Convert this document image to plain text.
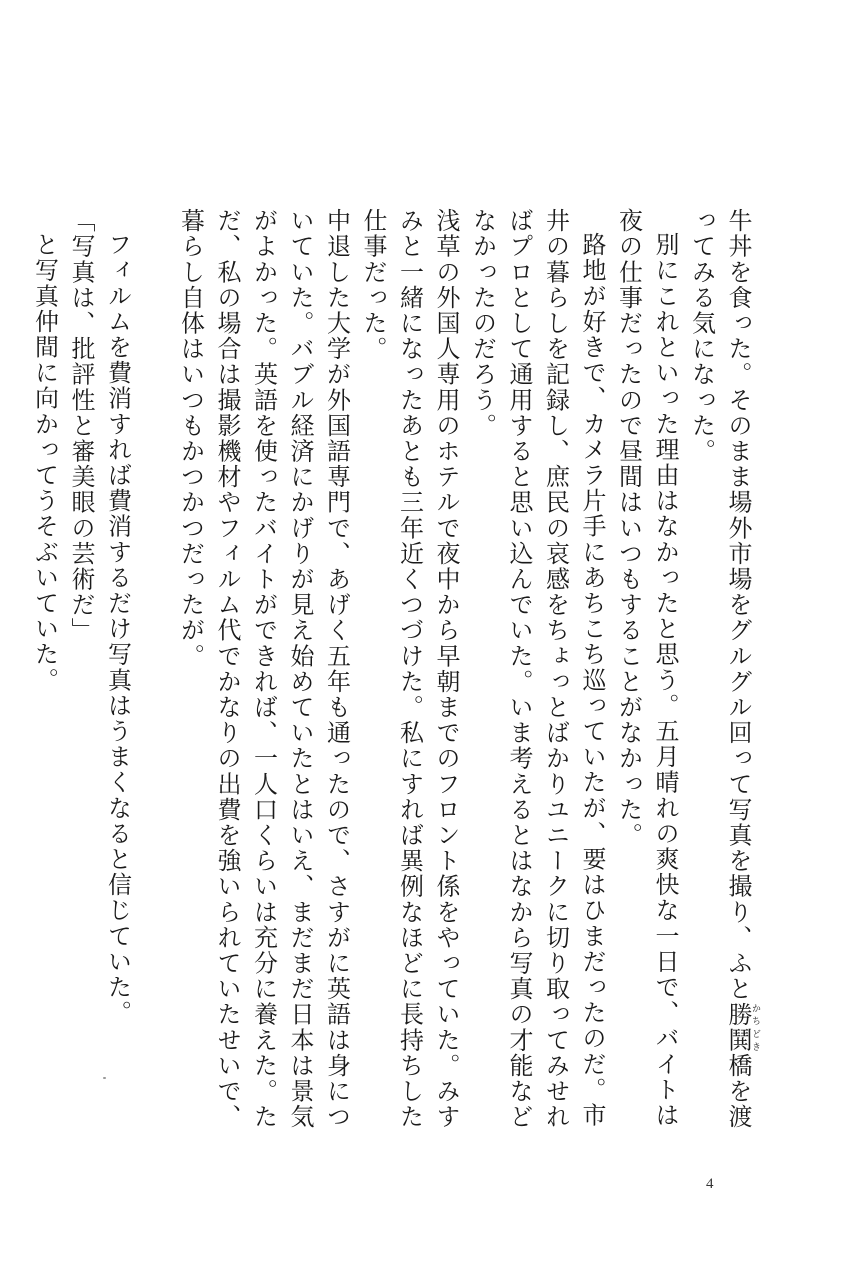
牛丼を食った。そのまま場外市場をグルグル回って写真を撮り、ふと勝鬨かちどき橋を渡ってみる気になった。

別にこれといった理由はなかったと思う。五月晴れの爽快な一日で、バイトは夜の仕事だったので昼間はいつもすることがなかった。

路地が好きで、カメラ片手にあちこち巡っていたが、要はひまだったのだ。市井の暮らしを記録し、庶民の哀感をちょっとばかりユニークに切り取ってみせればプロとして通用すると思い込んでいた。いま考えるとはなから写真の才能などなかったのだろう。

浅草の外国人専用のホテルで夜中から早朝までのフロント係をやっていた。みすみと一緒になったあとも三年近くつづけた。私にすれば異例なほどに長持ちした仕事だった。

中退した大学が外国語専門で、あげく五年も通ったので、さすがに英語は身についていた。バブル経済にかげりが見え始めていたとはいえ、まだまだ日本は景気がよかった。英語を使ったバイトができれば、一人口くらいは充分に養えた。ただ、私の場合は撮影機材やフィルム代でかなりの出費を強いられていたせいで、暮らし自体はいつもかつかつだったが。

フィルムを費消すれば費消するだけ写真はうまくなると信じていた。

「写真は、批評性と審美眼の芸術だ」

と写真仲間に向かってうそぶいていた。

4
